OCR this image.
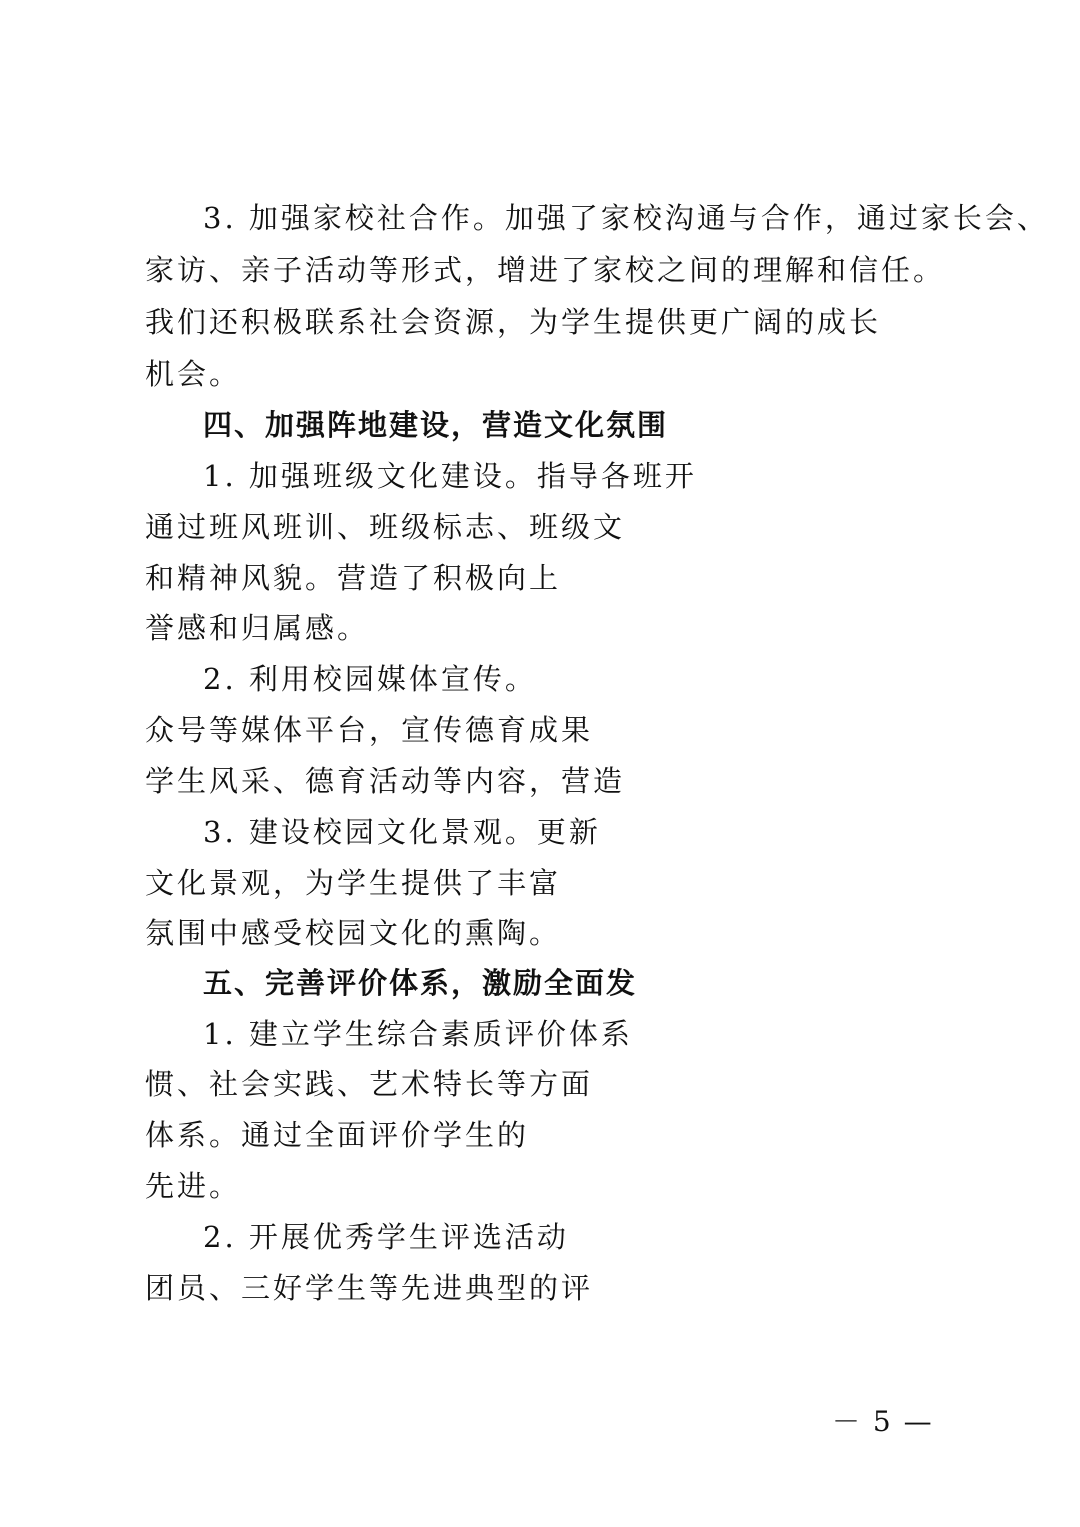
3. 加强家校社合作。加强了家校沟通与合作，通过家长会、
家访、亲子活动等形式，增进了家校之间的理解和信任。
我们还积极联系社会资源，为学生提供更广阔的成长
机会。
四、加强阵地建设，营造文化氛围
1. 加强班级文化建设。指导各班开
通过班风班训、班级标志、班级文
和精神风貌。营造了积极向上
誉感和归属感。
2. 利用校园媒体宣传。
众号等媒体平台，宣传德育成果
学生风采、德育活动等内容，营造
3. 建设校园文化景观。更新
文化景观，为学生提供了丰富
氛围中感受校园文化的熏陶。
五、完善评价体系，激励全面发
1. 建立学生综合素质评价体系
惯、社会实践、艺术特长等方面
体系。通过全面评价学生的
先进。
2. 开展优秀学生评选活动
团员、三好学生等先进典型的评
－ 5 —
